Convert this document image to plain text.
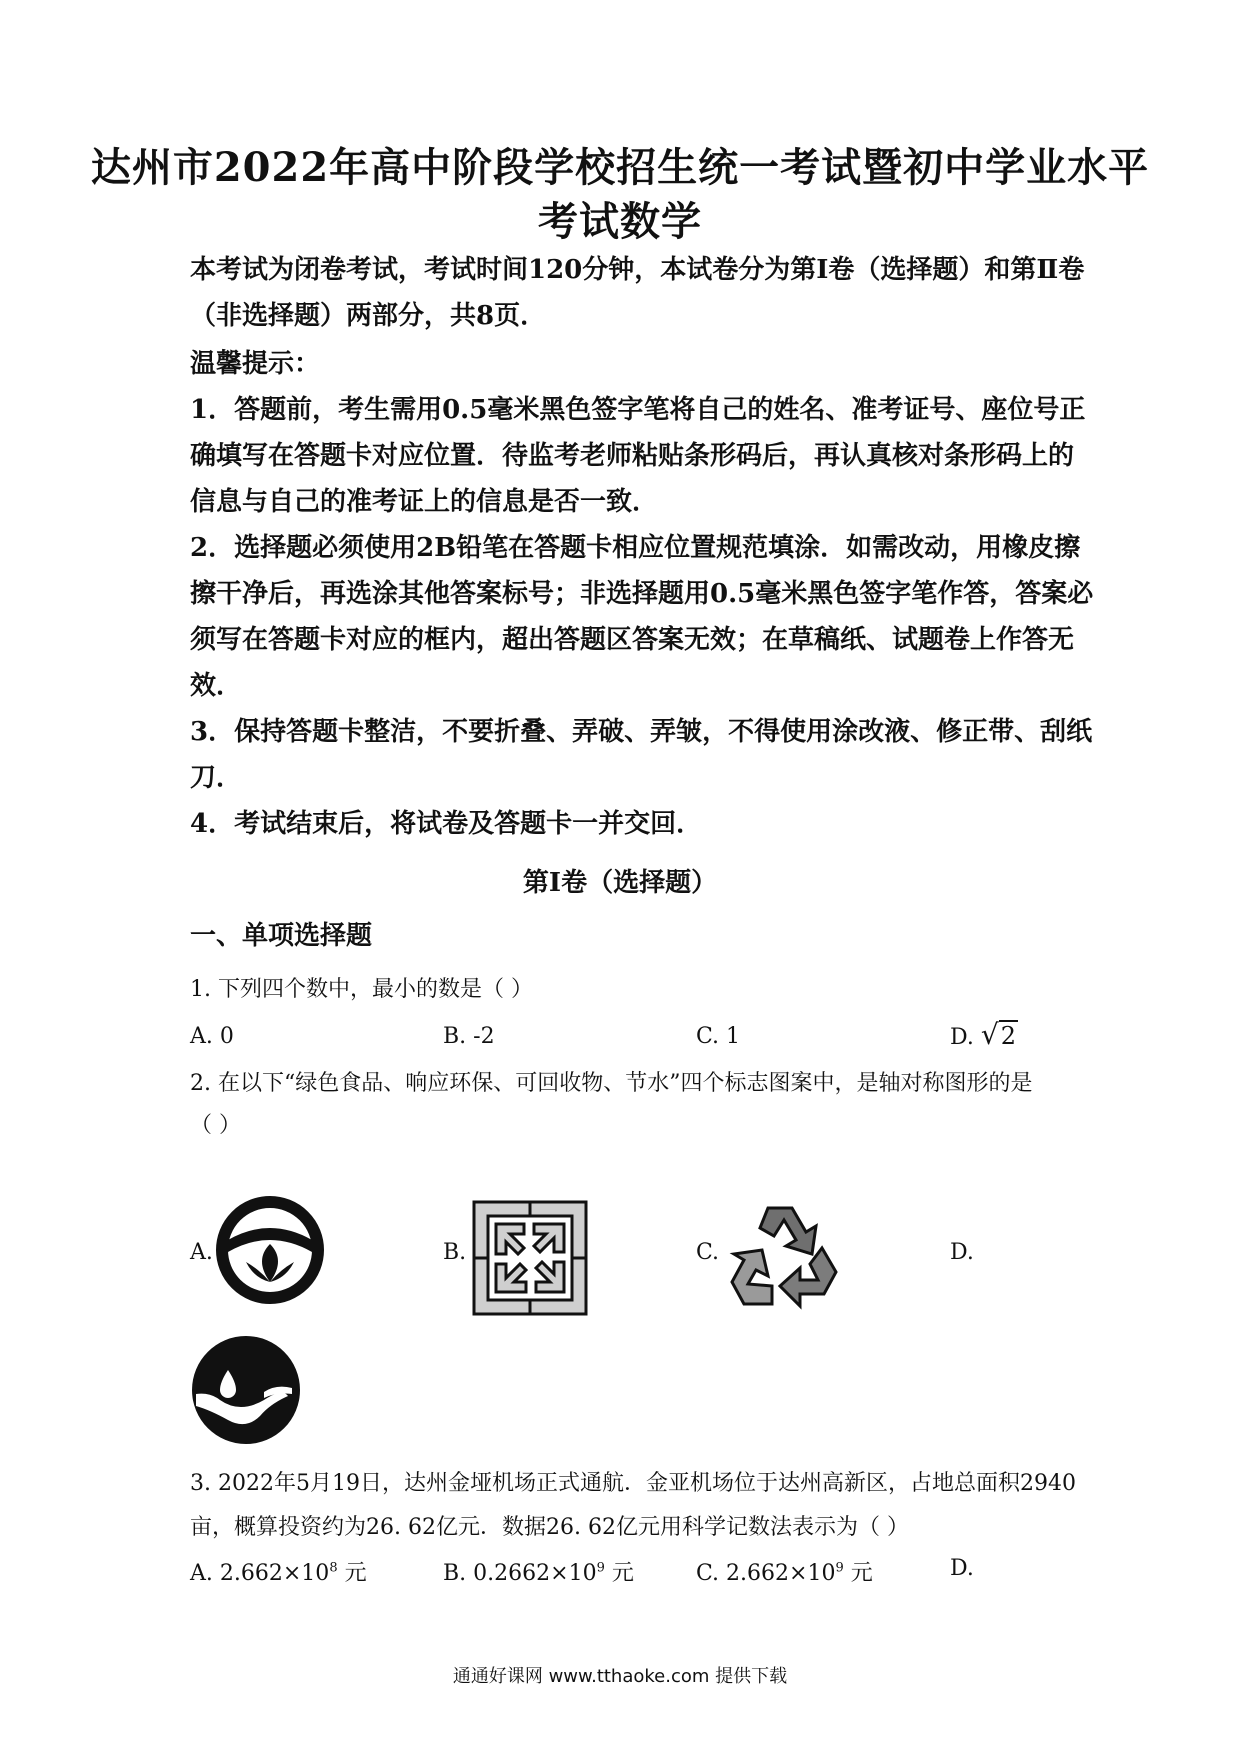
达州市2022年高中阶段学校招生统一考试暨初中学业水平
考试数学
本考试为闭卷考试，考试时间120分钟，本试卷分为第Ⅰ卷（选择题）和第Ⅱ卷
（非选择题）两部分，共8页．
温馨提示：
1．答题前，考生需用0.5毫米黑色签字笔将自己的姓名、准考证号、座位号正
确填写在答题卡对应位置．待监考老师粘贴条形码后，再认真核对条形码上的
信息与自己的准考证上的信息是否一致．
2．选择题必须使用2B铅笔在答题卡相应位置规范填涂．如需改动，用橡皮擦
擦干净后，再选涂其他答案标号；非选择题用0.5毫米黑色签字笔作答，答案必
须写在答题卡对应的框内，超出答题区答案无效；在草稿纸、试题卷上作答无
效．
3．保持答题卡整洁，不要折叠、弄破、弄皱，不得使用涂改液、修正带、刮纸
刀．
4．考试结束后，将试卷及答题卡一并交回．
第Ⅰ卷（选择题）
一、单项选择题
1. 下列四个数中，最小的数是（ ）
A. 0	B. -2	C. 1	D. √2
2. 在以下“绿色食品、响应环保、可回收物、节水”四个标志图案中，是轴对称图形的是
（ ）
A.	B.	C.	D.
3. 2022年5月19日，达州金垭机场正式通航．金亚机场位于达州高新区，占地总面积2940
亩，概算投资约为26. 62亿元．数据26. 62亿元用科学记数法表示为（ ）
A. $2.662\times 10^8$ 元	B. $0.2662\times 10^9$ 元	C. $2.662\times 10^9$ 元	D.
通通好课网 www.tthaoke.com 提供下载
